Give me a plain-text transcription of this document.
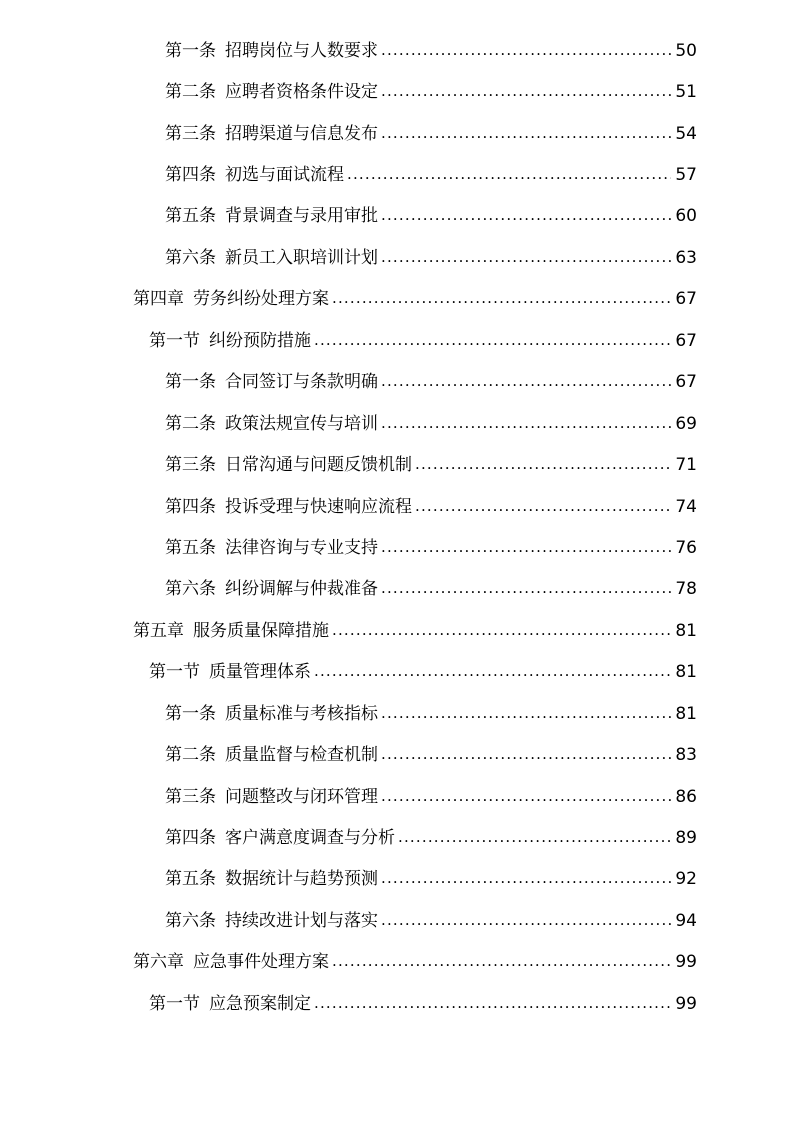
第一条 招聘岗位与人数要求 .....	50
第二条 应聘者资格条件设定 .....	51
第三条 招聘渠道与信息发布 .....	54
第四条 初选与面试流程 .....	57
第五条 背景调查与录用审批 .....	60
第六条 新员工入职培训计划 .....	63
第四章 劳务纠纷处理方案 .....	67
第一节 纠纷预防措施 .....	67
第一条 合同签订与条款明确 .....	67
第二条 政策法规宣传与培训 .....	69
第三条 日常沟通与问题反馈机制 .....	71
第四条 投诉受理与快速响应流程 .....	74
第五条 法律咨询与专业支持 .....	76
第六条 纠纷调解与仲裁准备 .....	78
第五章 服务质量保障措施 .....	81
第一节 质量管理体系 .....	81
第一条 质量标准与考核指标 .....	81
第二条 质量监督与检查机制 .....	83
第三条 问题整改与闭环管理 .....	86
第四条 客户满意度调查与分析 .....	89
第五条 数据统计与趋势预测 .....	92
第六条 持续改进计划与落实 .....	94
第六章 应急事件处理方案 .....	99
第一节 应急预案制定 .....	99
